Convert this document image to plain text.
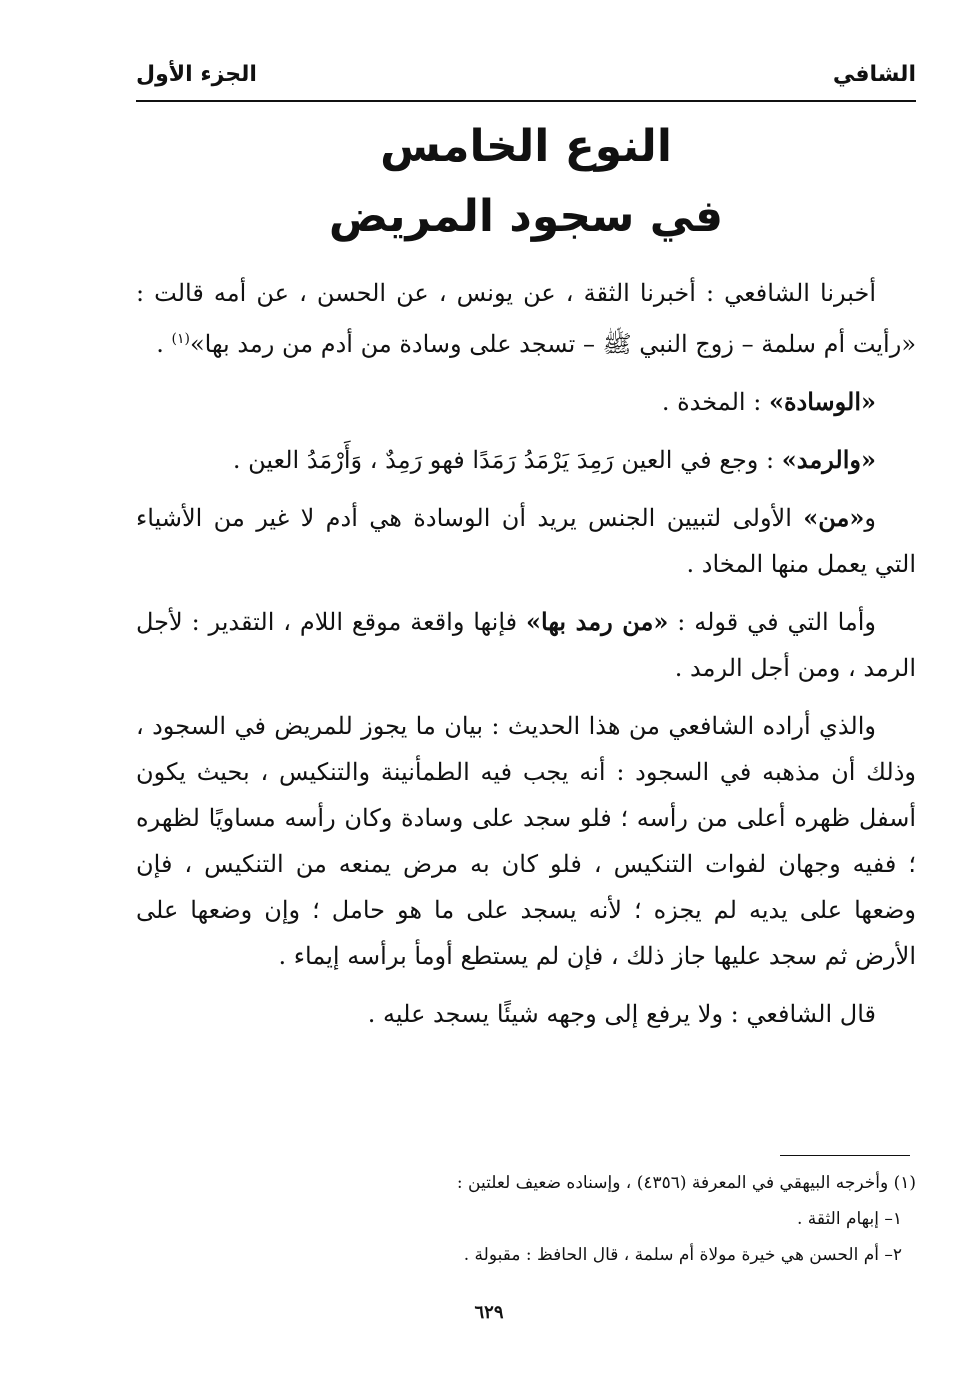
الشافي
الجزء الأول

النوع الخامس

في سجود المريض

أخبرنا الشافعي : أخبرنا الثقة ، عن يونس ، عن الحسن ، عن أمه قالت : «رأيت أم سلمة – زوج النبي ﷺ – تسجد على وسادة من أدم من رمد بها»$^{(١)}$ .

«الوسادة» : المخدة .

«والرمد» : وجع في العين رَمِدَ يَرْمَدُ رَمَدًا فهو رَمِدٌ ، وَأَرْمَدُ العين .

و«من» الأولى لتبيين الجنس يريد أن الوسادة هي أدم لا غير من الأشياء التي يعمل منها المخاد .

وأما التي في قوله : «من رمد بها» فإنها واقعة موقع اللام ، التقدير : لأجل الرمد ، ومن أجل الرمد .

والذي أراده الشافعي من هذا الحديث : بيان ما يجوز للمريض في السجود ، وذلك أن مذهبه في السجود : أنه يجب فيه الطمأنينة والتنكيس ، بحيث يكون أسفل ظهره أعلى من رأسه ؛ فلو سجد على وسادة وكان رأسه مساويًا لظهره ؛ ففيه وجهان لفوات التنكيس ، فلو كان به مرض يمنعه من التنكيس ، فإن وضعها على يديه لم يجزه ؛ لأنه يسجد على ما هو حامل ؛ وإن وضعها على الأرض ثم سجد عليها جاز ذلك ، فإن لم يستطع أومأ برأسه إيماء .

قال الشافعي : ولا يرفع إلى وجهه شيئًا يسجد عليه .

(١) وأخرجه البيهقي في المعرفة (٤٣٥٦) ، وإسناده ضعيف لعلتين :

١– إبهام الثقة .

٢– أم الحسن هي خيرة مولاة أم سلمة ، قال الحافظ : مقبولة .

٦٢٩
